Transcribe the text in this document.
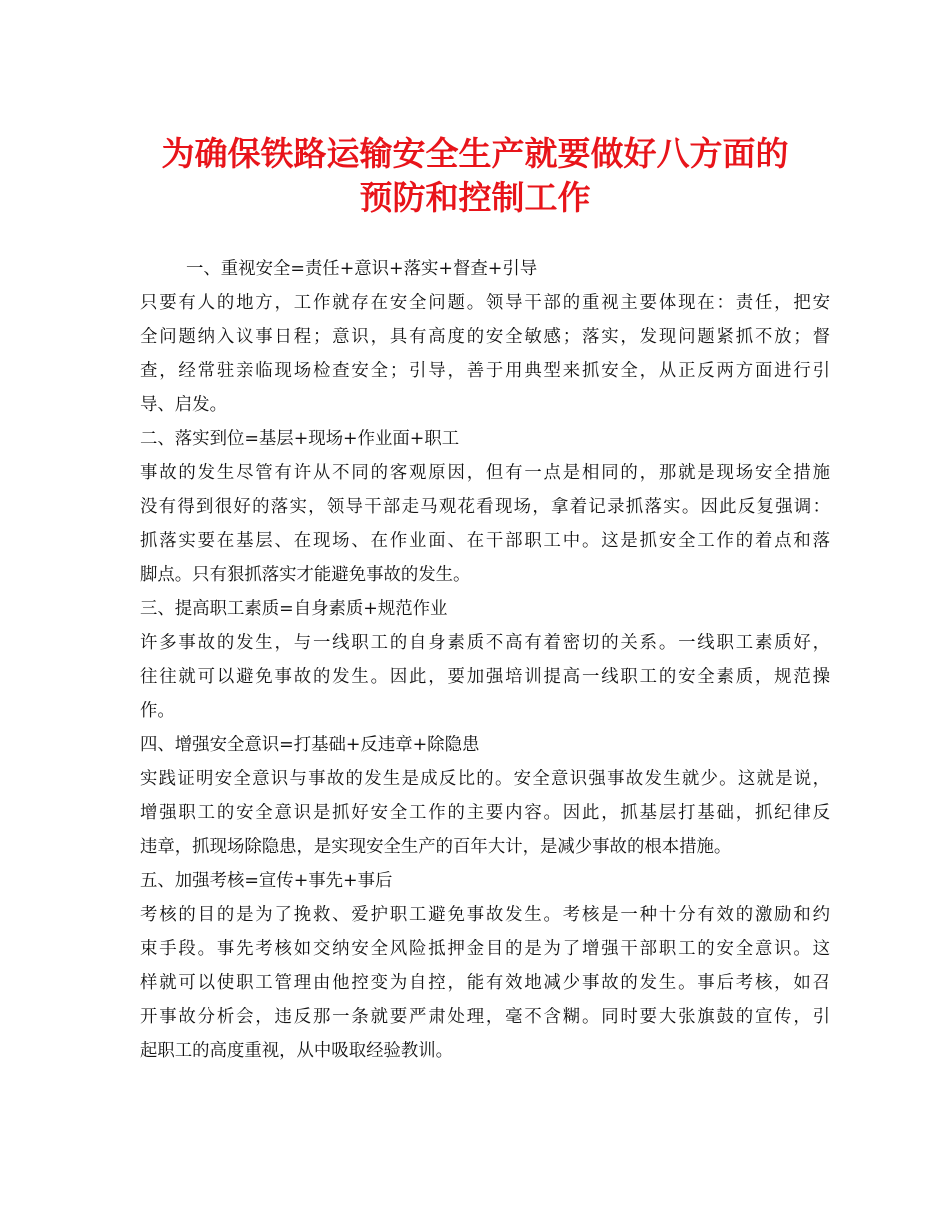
为确保铁路运输安全生产就要做好八方面的
预防和控制工作
一、重视安全=责任+意识+落实+督查+引导
只要有人的地方，工作就存在安全问题。领导干部的重视主要体现在：责任，把安
全问题纳入议事日程；意识，具有高度的安全敏感；落实，发现问题紧抓不放；督
查，经常驻亲临现场检查安全；引导，善于用典型来抓安全，从正反两方面进行引
导、启发。
二、落实到位=基层+现场+作业面+职工
事故的发生尽管有许从不同的客观原因，但有一点是相同的，那就是现场安全措施
没有得到很好的落实，领导干部走马观花看现场，拿着记录抓落实。因此反复强调：
抓落实要在基层、在现场、在作业面、在干部职工中。这是抓安全工作的着点和落
脚点。只有狠抓落实才能避免事故的发生。
三、提高职工素质=自身素质+规范作业
许多事故的发生，与一线职工的自身素质不高有着密切的关系。一线职工素质好，
往往就可以避免事故的发生。因此，要加强培训提高一线职工的安全素质，规范操
作。
四、增强安全意识=打基础+反违章+除隐患
实践证明安全意识与事故的发生是成反比的。安全意识强事故发生就少。这就是说，
增强职工的安全意识是抓好安全工作的主要内容。因此，抓基层打基础，抓纪律反
违章，抓现场除隐患，是实现安全生产的百年大计，是减少事故的根本措施。
五、加强考核=宣传+事先+事后
考核的目的是为了挽救、爱护职工避免事故发生。考核是一种十分有效的激励和约
束手段。事先考核如交纳安全风险抵押金目的是为了增强干部职工的安全意识。这
样就可以使职工管理由他控变为自控，能有效地减少事故的发生。事后考核，如召
开事故分析会，违反那一条就要严肃处理，毫不含糊。同时要大张旗鼓的宣传，引
起职工的高度重视，从中吸取经验教训。
